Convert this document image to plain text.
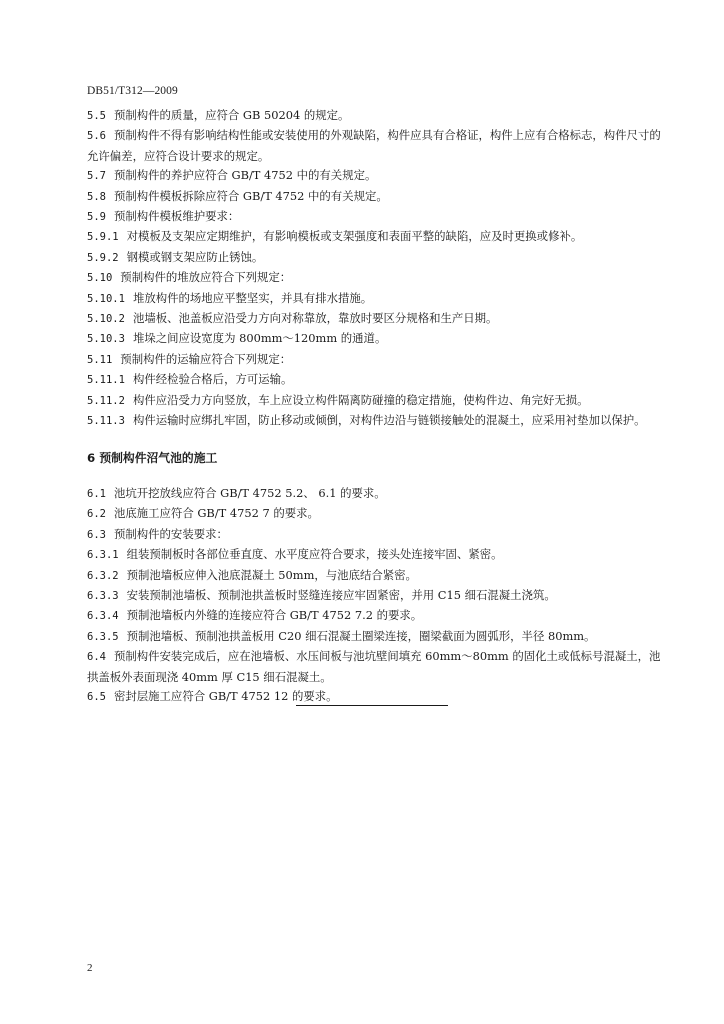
DB51/T312—2009
5.5 预制构件的质量，应符合 GB 50204 的规定。
5.6 预制构件不得有影响结构性能或安装使用的外观缺陷，构件应具有合格证，构件上应有合格标志，构件尺寸的允许偏差，应符合设计要求的规定。
5.7 预制构件的养护应符合 GB/T 4752 中的有关规定。
5.8 预制构件模板拆除应符合 GB/T 4752 中的有关规定。
5.9 预制构件模板维护要求：
5.9.1 对模板及支架应定期维护，有影响模板或支架强度和表面平整的缺陷，应及时更换或修补。
5.9.2 钢模或钢支架应防止锈蚀。
5.10 预制构件的堆放应符合下列规定：
5.10.1 堆放构件的场地应平整坚实，并具有排水措施。
5.10.2 池墙板、池盖板应沿受力方向对称靠放，靠放时要区分规格和生产日期。
5.10.3 堆垛之间应设宽度为 800mm～120mm 的通道。
5.11 预制构件的运输应符合下列规定：
5.11.1 构件经检验合格后，方可运输。
5.11.2 构件应沿受力方向竖放，车上应设立构件隔离防碰撞的稳定措施，使构件边、角完好无损。
5.11.3 构件运输时应绑扎牢固，防止移动或倾倒，对构件边沿与链锁接触处的混凝土，应采用衬垫加以保护。
6 预制构件沼气池的施工
6.1 池坑开挖放线应符合 GB/T 4752 5.2、 6.1 的要求。
6.2 池底施工应符合 GB/T 4752 7 的要求。
6.3 预制构件的安装要求：
6.3.1 组装预制板时各部位垂直度、水平度应符合要求，接头处连接牢固、紧密。
6.3.2 预制池墙板应伸入池底混凝土 50mm，与池底结合紧密。
6.3.3 安装预制池墙板、预制池拱盖板时竖缝连接应牢固紧密，并用 C15 细石混凝土浇筑。
6.3.4 预制池墙板内外缝的连接应符合 GB/T 4752 7.2 的要求。
6.3.5 预制池墙板、预制池拱盖板用 C20 细石混凝土圈梁连接，圈梁截面为圆弧形，半径 80mm。
6.4 预制构件安装完成后，应在池墙板、水压间板与池坑壁间填充 60mm～80mm 的固化土或低标号混凝土，池拱盖板外表面现浇 40mm 厚 C15 细石混凝土。
6.5 密封层施工应符合 GB/T 4752 12 的要求。
2
